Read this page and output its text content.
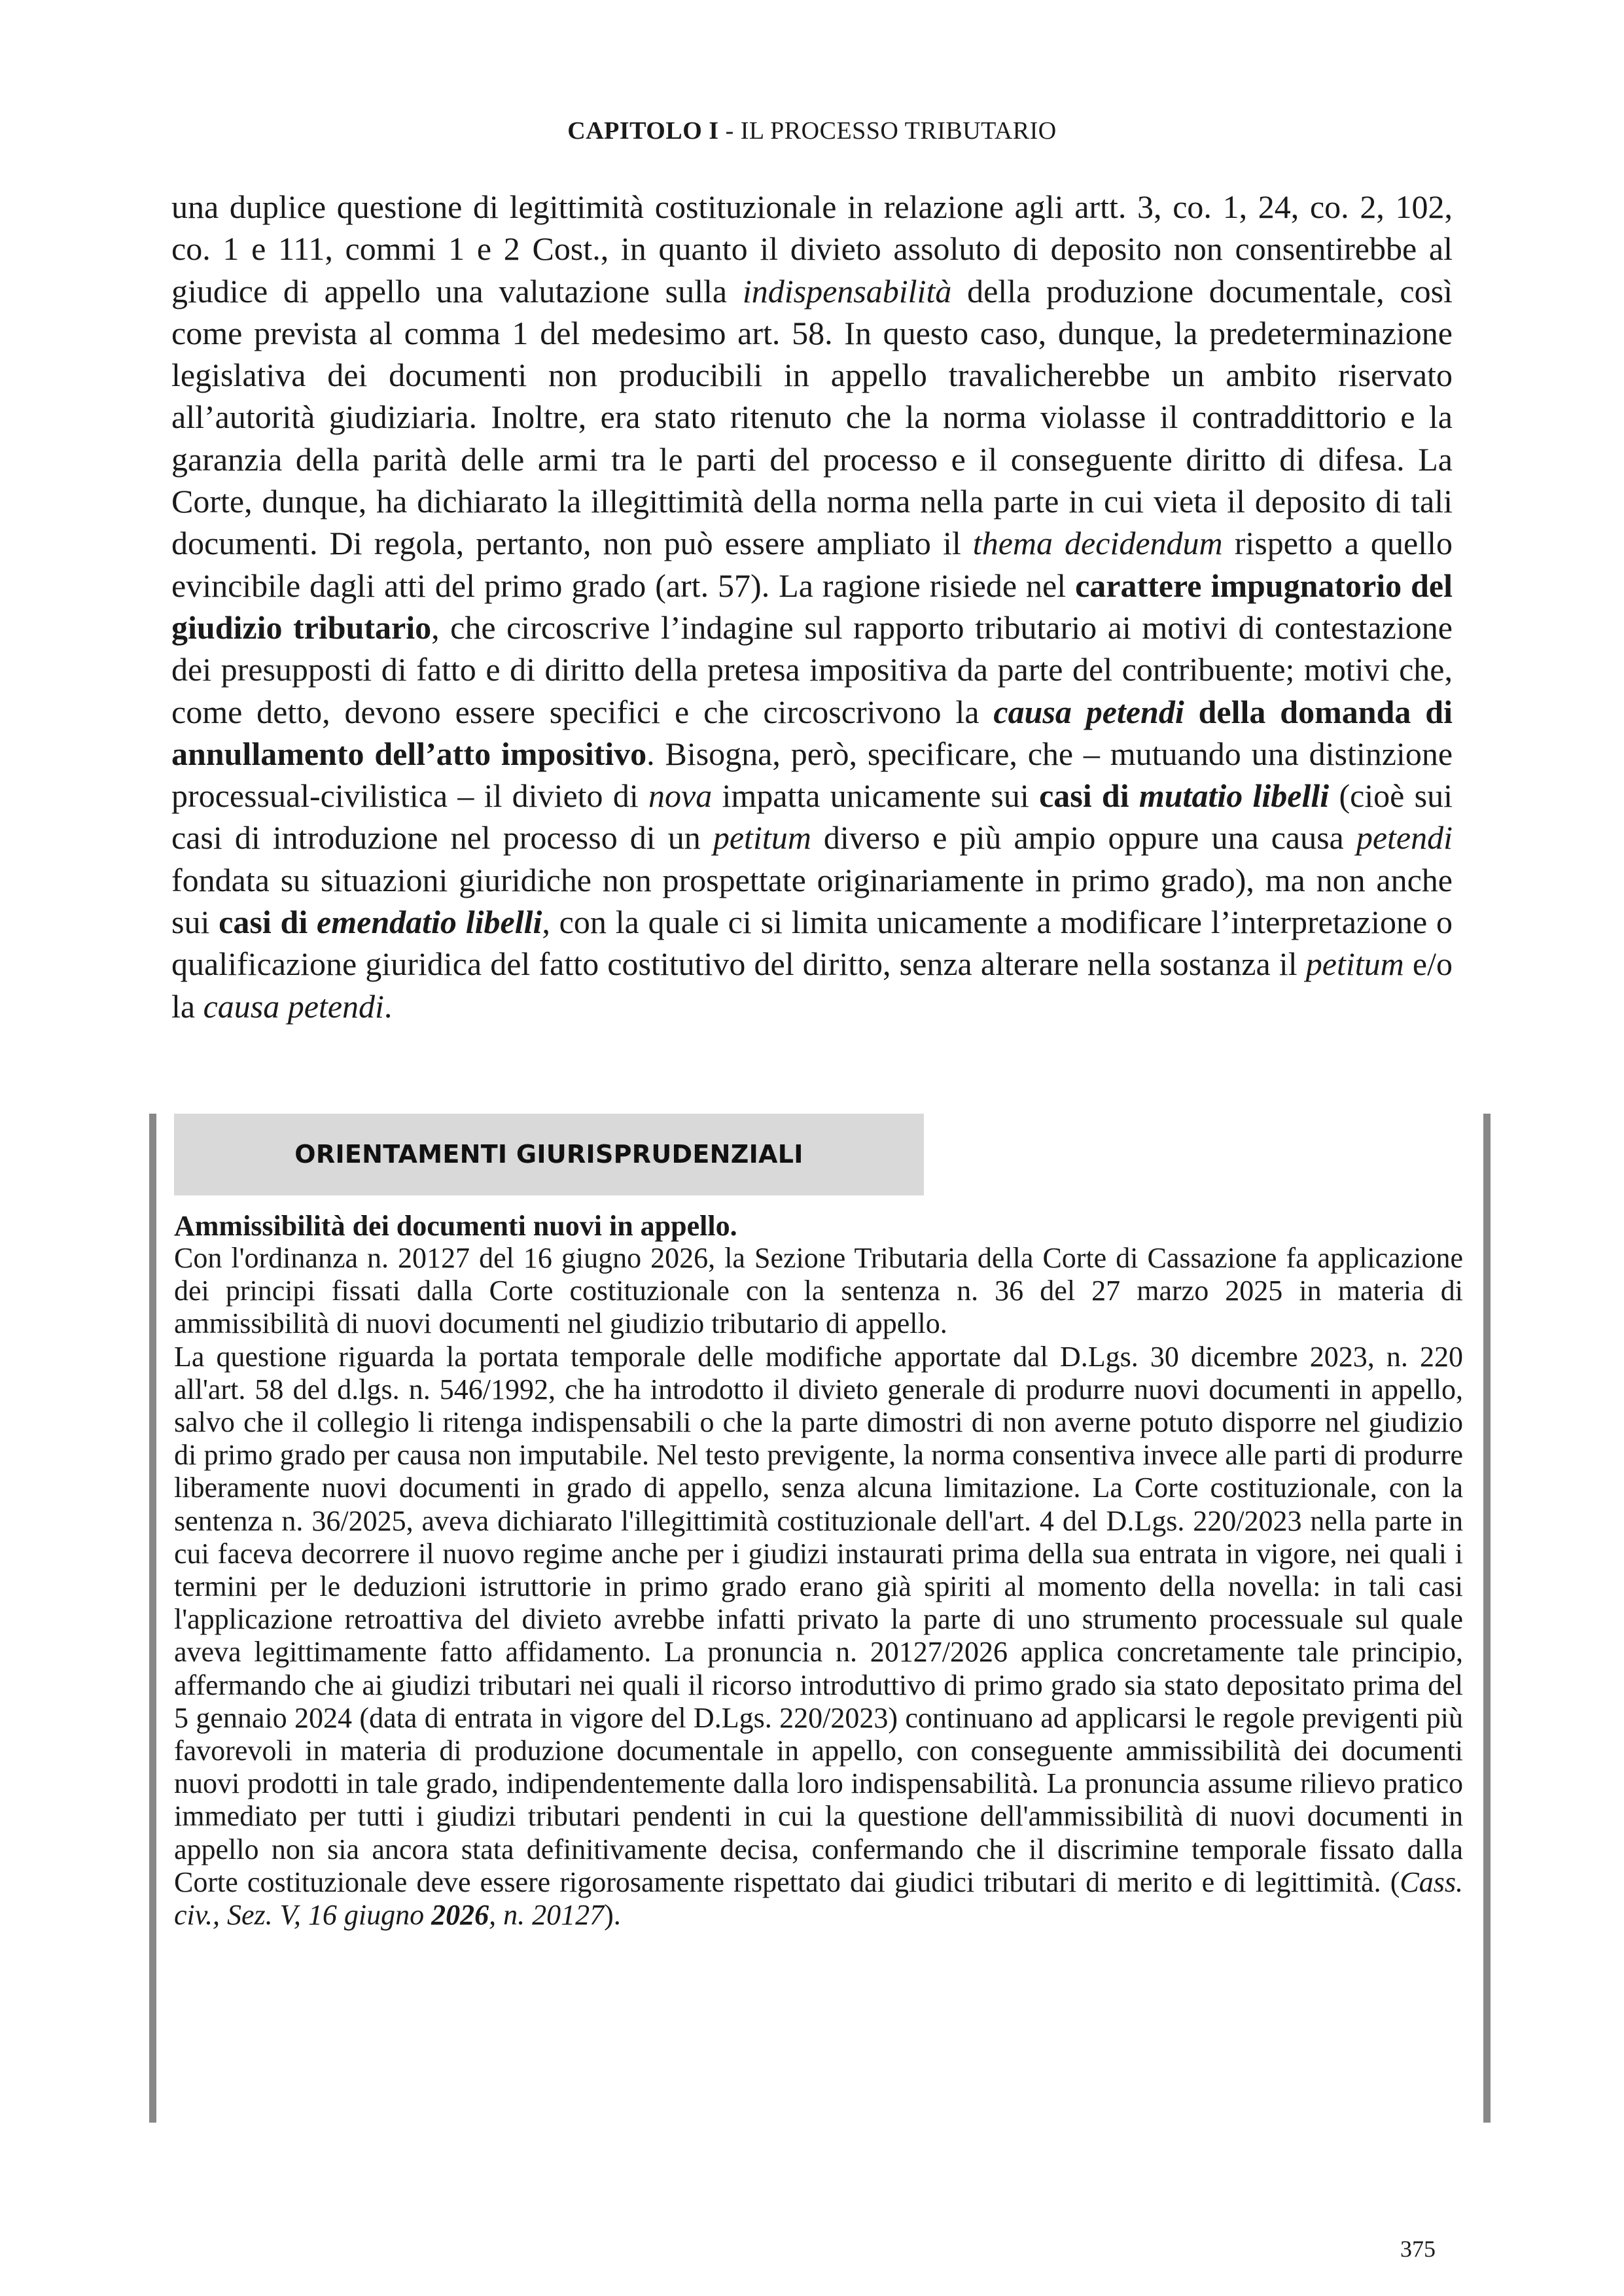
CAPITOLO I - IL PROCESSO TRIBUTARIO

una duplice questione di legittimità costituzionale in relazione agli artt. 3, co. 1, 24, co. 2, 102, co. 1 e 111, commi 1 e 2 Cost., in quanto il divieto assoluto di deposito non consentirebbe al giudice di appello una valutazione sulla indispensabilità della produzione documentale, così come prevista al comma 1 del medesimo art. 58. In questo caso, dunque, la predeterminazione legislativa dei documenti non producibili in appello travalicherebbe un ambito riservato all’autorità giudiziaria. Inoltre, era stato ritenuto che la norma violasse il contraddittorio e la garanzia della parità delle armi tra le parti del processo e il conseguente diritto di difesa. La Corte, dunque, ha dichiarato la illegittimità della norma nella parte in cui vieta il deposito di tali documenti. Di regola, pertanto, non può essere ampliato il thema decidendum rispetto a quello evincibile dagli atti del primo grado (art. 57). La ragione risiede nel carattere impugnatorio del giudizio tributario, che circoscrive l’indagine sul rapporto tributario ai motivi di contestazione dei presupposti di fatto e di diritto della pretesa impositiva da parte del contribuente; motivi che, come detto, devono essere specifici e che circoscrivono la causa petendi della domanda di annullamento dell’atto impositivo. Bisogna, però, specificare, che – mutuando una distinzione processual-civilistica – il divieto di nova impatta unicamente sui casi di mutatio libelli (cioè sui casi di introduzione nel processo di un petitum diverso e più ampio oppure una causa petendi fondata su situazioni giuridiche non prospettate originariamente in primo grado), ma non anche sui casi di emendatio libelli, con la quale ci si limita unicamente a modificare l’interpretazione o qualificazione giuridica del fatto costitutivo del diritto, senza alterare nella sostanza il petitum e/o la causa petendi.

ORIENTAMENTI GIURISPRUDENZIALI
Ammissibilità dei documenti nuovi in appello.
Con l'ordinanza n. 20127 del 16 giugno 2026, la Sezione Tributaria della Corte di Cassazione fa applicazione dei principi fissati dalla Corte costituzionale con la sentenza n. 36 del 27 marzo 2025 in materia di ammissibilità di nuovi documenti nel giudizio tributario di appello.
La questione riguarda la portata temporale delle modifiche apportate dal D.Lgs. 30 dicembre 2023, n. 220 all'art. 58 del d.lgs. n. 546/1992, che ha introdotto il divieto generale di produrre nuovi documenti in appello, salvo che il collegio li ritenga indispensabili o che la parte dimostri di non averne potuto disporre nel giudizio di primo grado per causa non imputabile. Nel testo previgente, la norma consentiva invece alle parti di produrre liberamente nuovi documenti in grado di appello, senza alcuna limitazione. La Corte costituzionale, con la sentenza n. 36/2025, aveva dichiarato l'illegittimità costituzionale dell'art. 4 del D.Lgs. 220/2023 nella parte in cui faceva decorrere il nuovo regime anche per i giudizi instaurati prima della sua entrata in vigore, nei quali i termini per le deduzioni istruttorie in primo grado erano già spiriti al momento della novella: in tali casi l'applicazione retroattiva del divieto avrebbe infatti privato la parte di uno strumento processuale sul quale aveva legittimamente fatto affidamento. La pronuncia n. 20127/2026 applica concretamente tale principio, affermando che ai giudizi tributari nei quali il ricorso introduttivo di primo grado sia stato depositato prima del 5 gennaio 2024 (data di entrata in vigore del D.Lgs. 220/2023) continuano ad applicarsi le regole previgenti più favorevoli in materia di produzione documentale in appello, con conseguente ammissibilità dei documenti nuovi prodotti in tale grado, indipendentemente dalla loro indispensabilità. La pronuncia assume rilievo pratico immediato per tutti i giudizi tributari pendenti in cui la questione dell'ammissibilità di nuovi documenti in appello non sia ancora stata definitivamente decisa, confermando che il discrimine temporale fissato dalla Corte costituzionale deve essere rigorosamente rispettato dai giudici tributari di merito e di legittimità. (Cass. civ., Sez. V, 16 giugno 2026, n. 20127).
375
